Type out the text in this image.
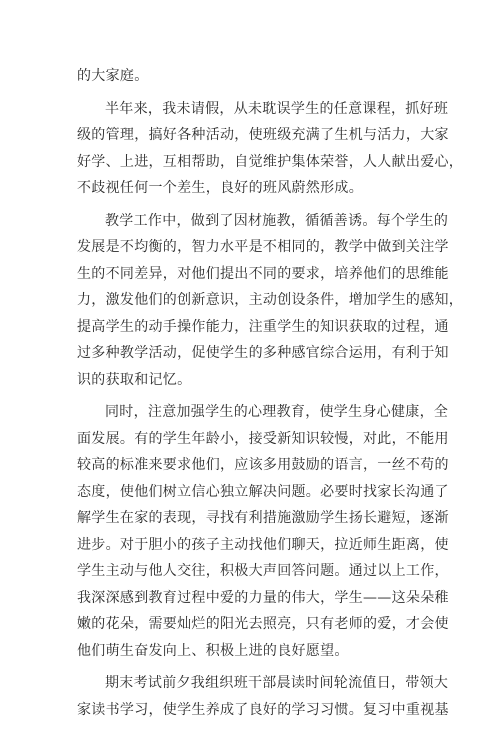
的大家庭。
半年来，我未请假，从未耽误学生的任意课程，抓好班
级的管理，搞好各种活动，使班级充满了生机与活力，大家
好学、上进，互相帮助，自觉维护集体荣誉，人人献出爱心，
不歧视任何一个差生，良好的班风蔚然形成。
教学工作中，做到了因材施教，循循善诱。每个学生的
发展是不均衡的，智力水平是不相同的，教学中做到关注学
生的不同差异，对他们提出不同的要求，培养他们的思维能
力，激发他们的创新意识，主动创设条件，增加学生的感知，
提高学生的动手操作能力，注重学生的知识获取的过程，通
过多种教学活动，促使学生的多种感官综合运用，有利于知
识的获取和记忆。
同时，注意加强学生的心理教育，使学生身心健康，全
面发展。有的学生年龄小，接受新知识较慢，对此，不能用
较高的标准来要求他们，应该多用鼓励的语言，一丝不苟的
态度，使他们树立信心独立解决问题。必要时找家长沟通了
解学生在家的表现，寻找有利措施激励学生扬长避短，逐渐
进步。对于胆小的孩子主动找他们聊天，拉近师生距离，使
学生主动与他人交往，积极大声回答问题。通过以上工作，
我深深感到教育过程中爱的力量的伟大，学生——这朵朵稚
嫩的花朵，需要灿烂的阳光去照亮，只有老师的爱，才会使
他们萌生奋发向上、积极上进的良好愿望。
期末考试前夕我组织班干部晨读时间轮流值日，带领大
家读书学习，使学生养成了良好的学习习惯。复习中重视基
